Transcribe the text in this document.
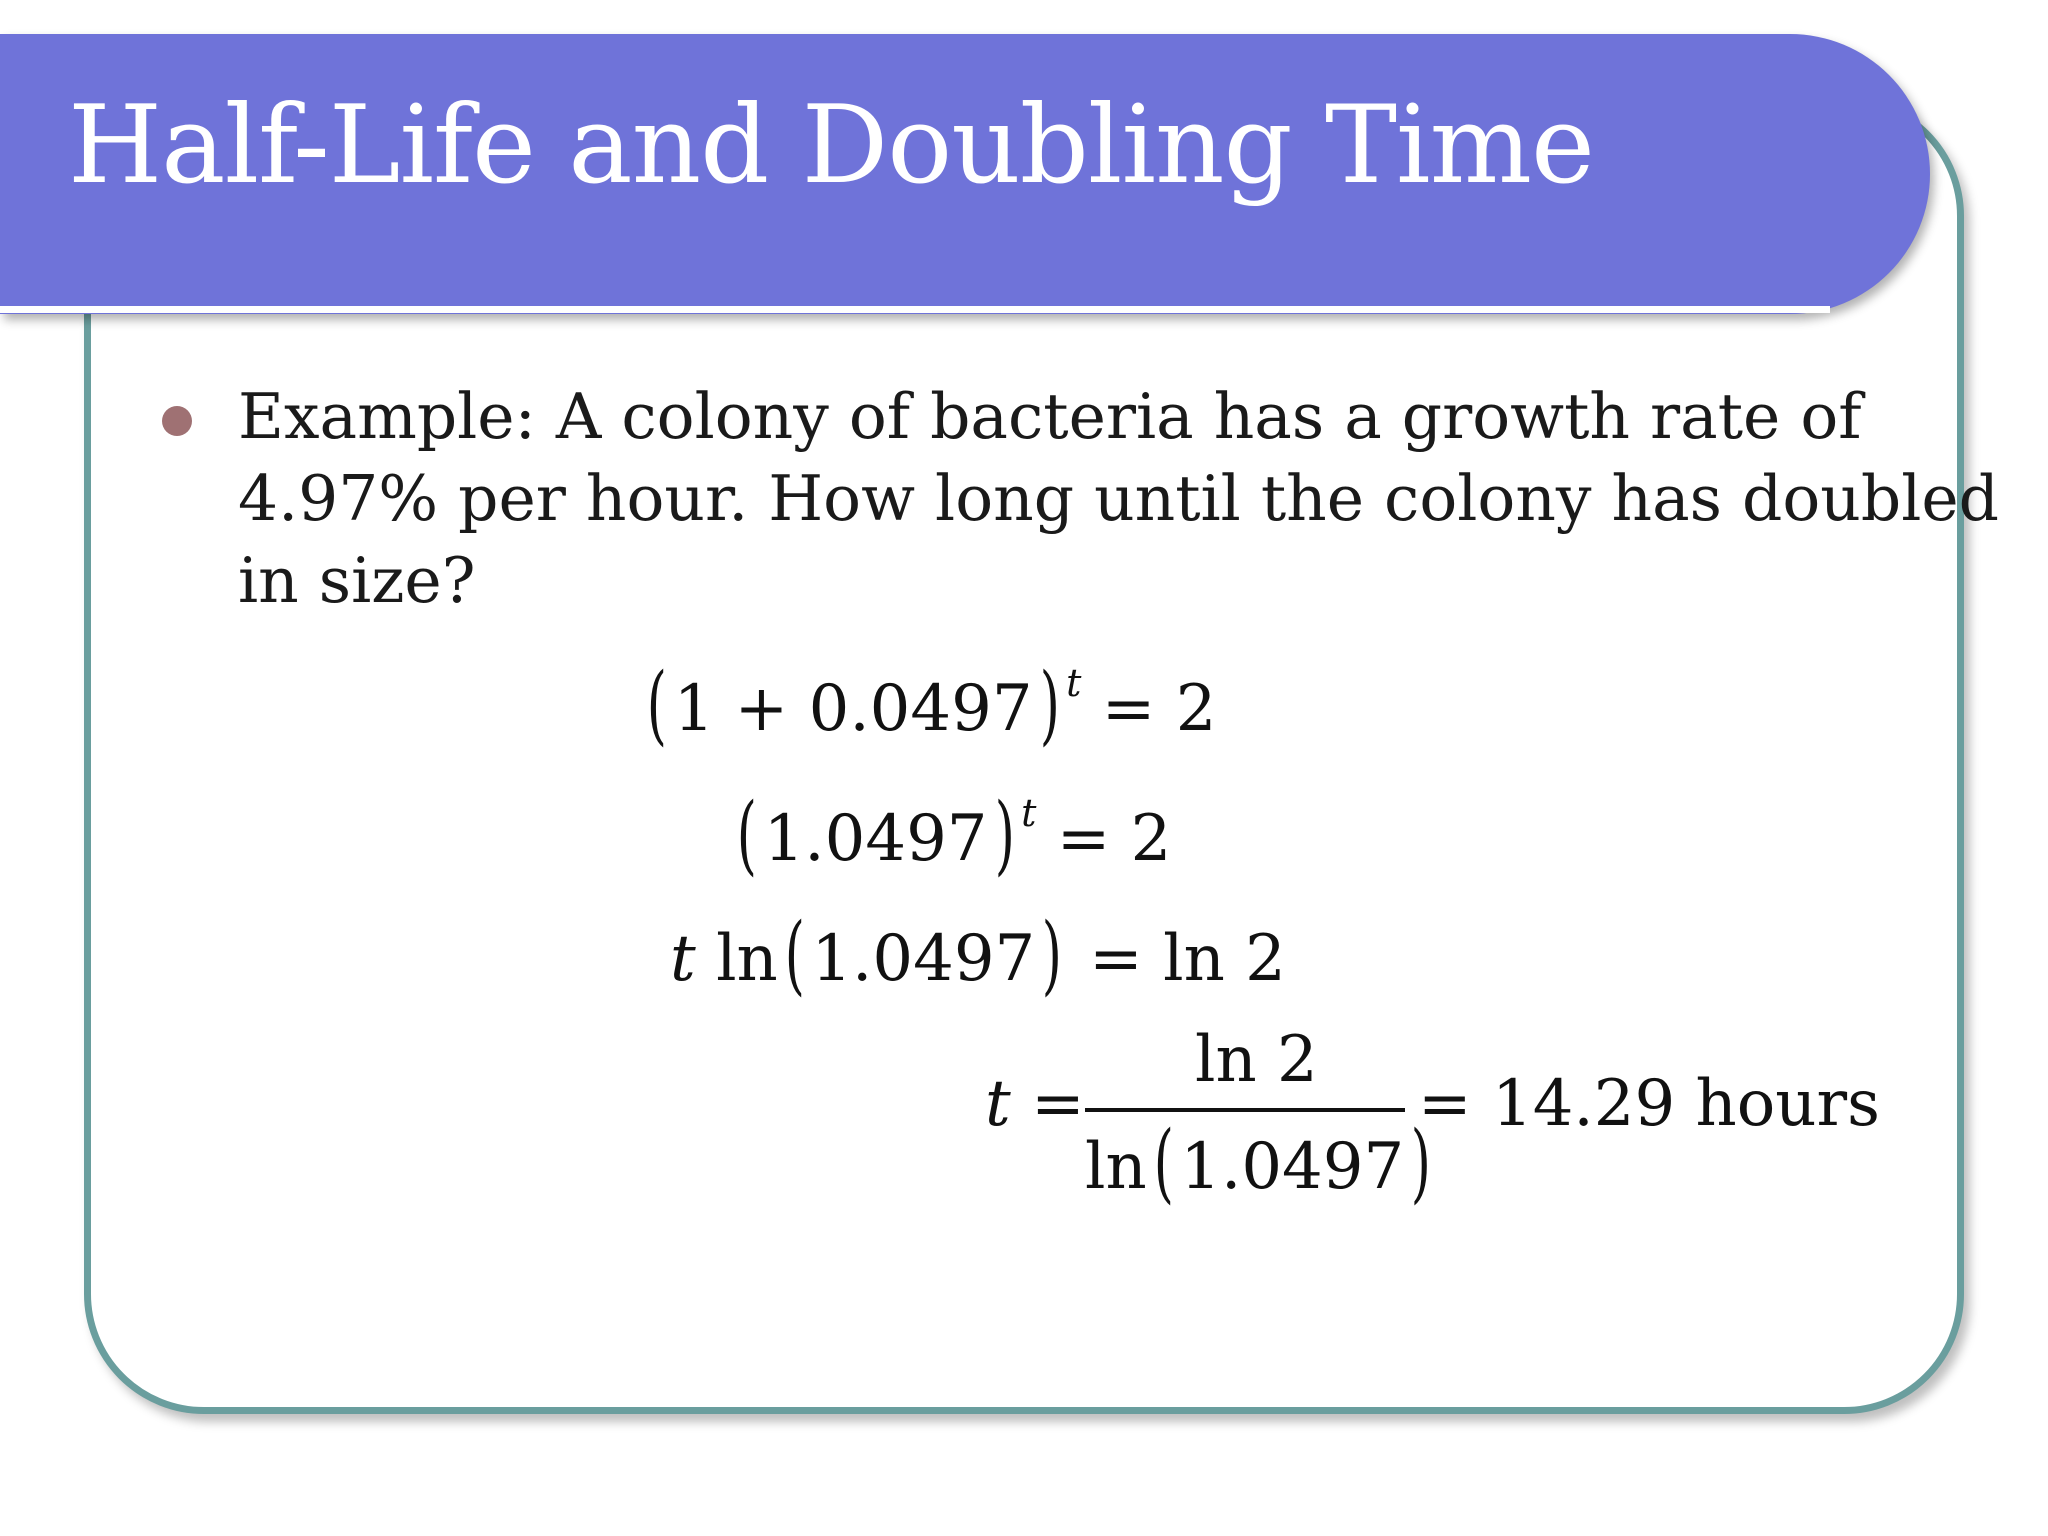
Half-Life and Doubling Time
Example: A colony of bacteria has a growth rate of
4.97% per hour. How long until the colony has doubled
in size?
( 1 + 0.0497) $^t$ = 2
( 1.0497) $^t$ = 2
t ln( 1.0497) = ln 2
t =
ln 2
ln( 1.0497)
= 14.29 hours
